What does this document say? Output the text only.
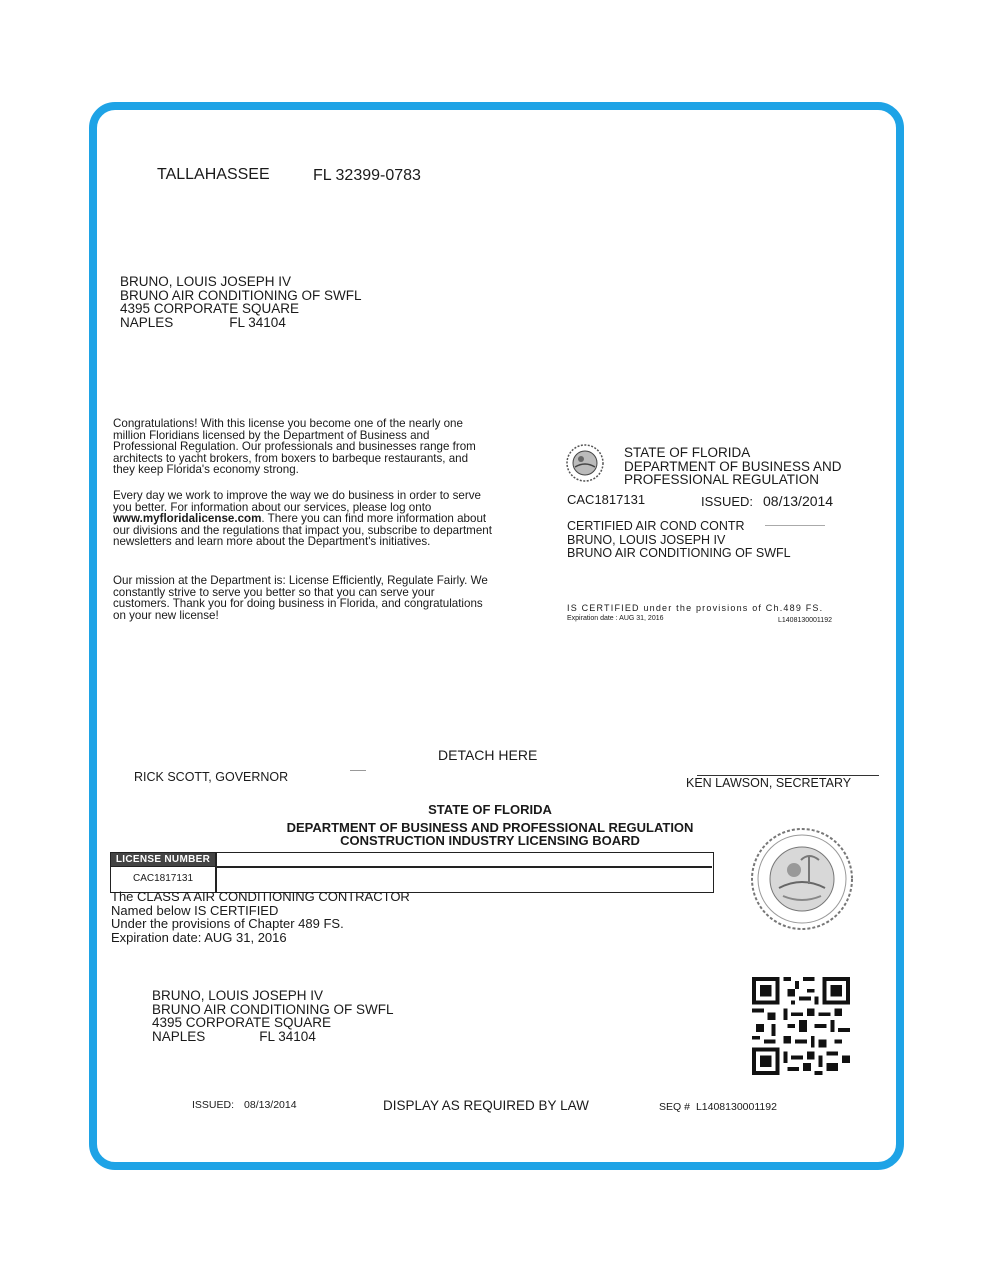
TALLAHASSEE	FL 32399-0783
BRUNO, LOUIS JOSEPH IV
BRUNO AIR CONDITIONING OF SWFL
4395 CORPORATE SQUARE
NAPLES	FL 34104
Congratulations! With this license you become one of the nearly one million Floridians licensed by the Department of Business and Professional Regulation. Our professionals and businesses range from architects to yacht brokers, from boxers to barbeque restaurants, and they keep Florida's economy strong.
Every day we work to improve the way we do business in order to serve you better. For information about our services, please log onto www.myfloridalicense.com. There you can find more information about our divisions and the regulations that impact you, subscribe to department newsletters and learn more about the Department's initiatives.
Our mission at the Department is: License Efficiently, Regulate Fairly. We constantly strive to serve you better so that you can serve your customers. Thank you for doing business in Florida, and congratulations on your new license!
STATE OF FLORIDA
DEPARTMENT OF BUSINESS AND
PROFESSIONAL REGULATION
CAC1817131	ISSUED: 08/13/2014
CERTIFIED AIR COND CONTR
BRUNO, LOUIS JOSEPH IV
BRUNO AIR CONDITIONING OF SWFL
IS CERTIFIED under the provisions of Ch.489 FS.
Expiration date : AUG 31, 2016	L1408130001192
DETACH HERE
RICK SCOTT, GOVERNOR	KEN LAWSON, SECRETARY
STATE OF FLORIDA
DEPARTMENT OF BUSINESS AND PROFESSIONAL REGULATION
CONSTRUCTION INDUSTRY LICENSING BOARD
LICENSE NUMBER
CAC1817131
The CLASS A AIR CONDITIONING CONTRACTOR
Named below IS CERTIFIED
Under the provisions of Chapter 489 FS.
Expiration date: AUG 31, 2016
BRUNO, LOUIS JOSEPH IV
BRUNO AIR CONDITIONING OF SWFL
4395 CORPORATE SQUARE
NAPLES	FL 34104
ISSUED: 08/13/2014	DISPLAY AS REQUIRED BY LAW	SEQ # L1408130001192
